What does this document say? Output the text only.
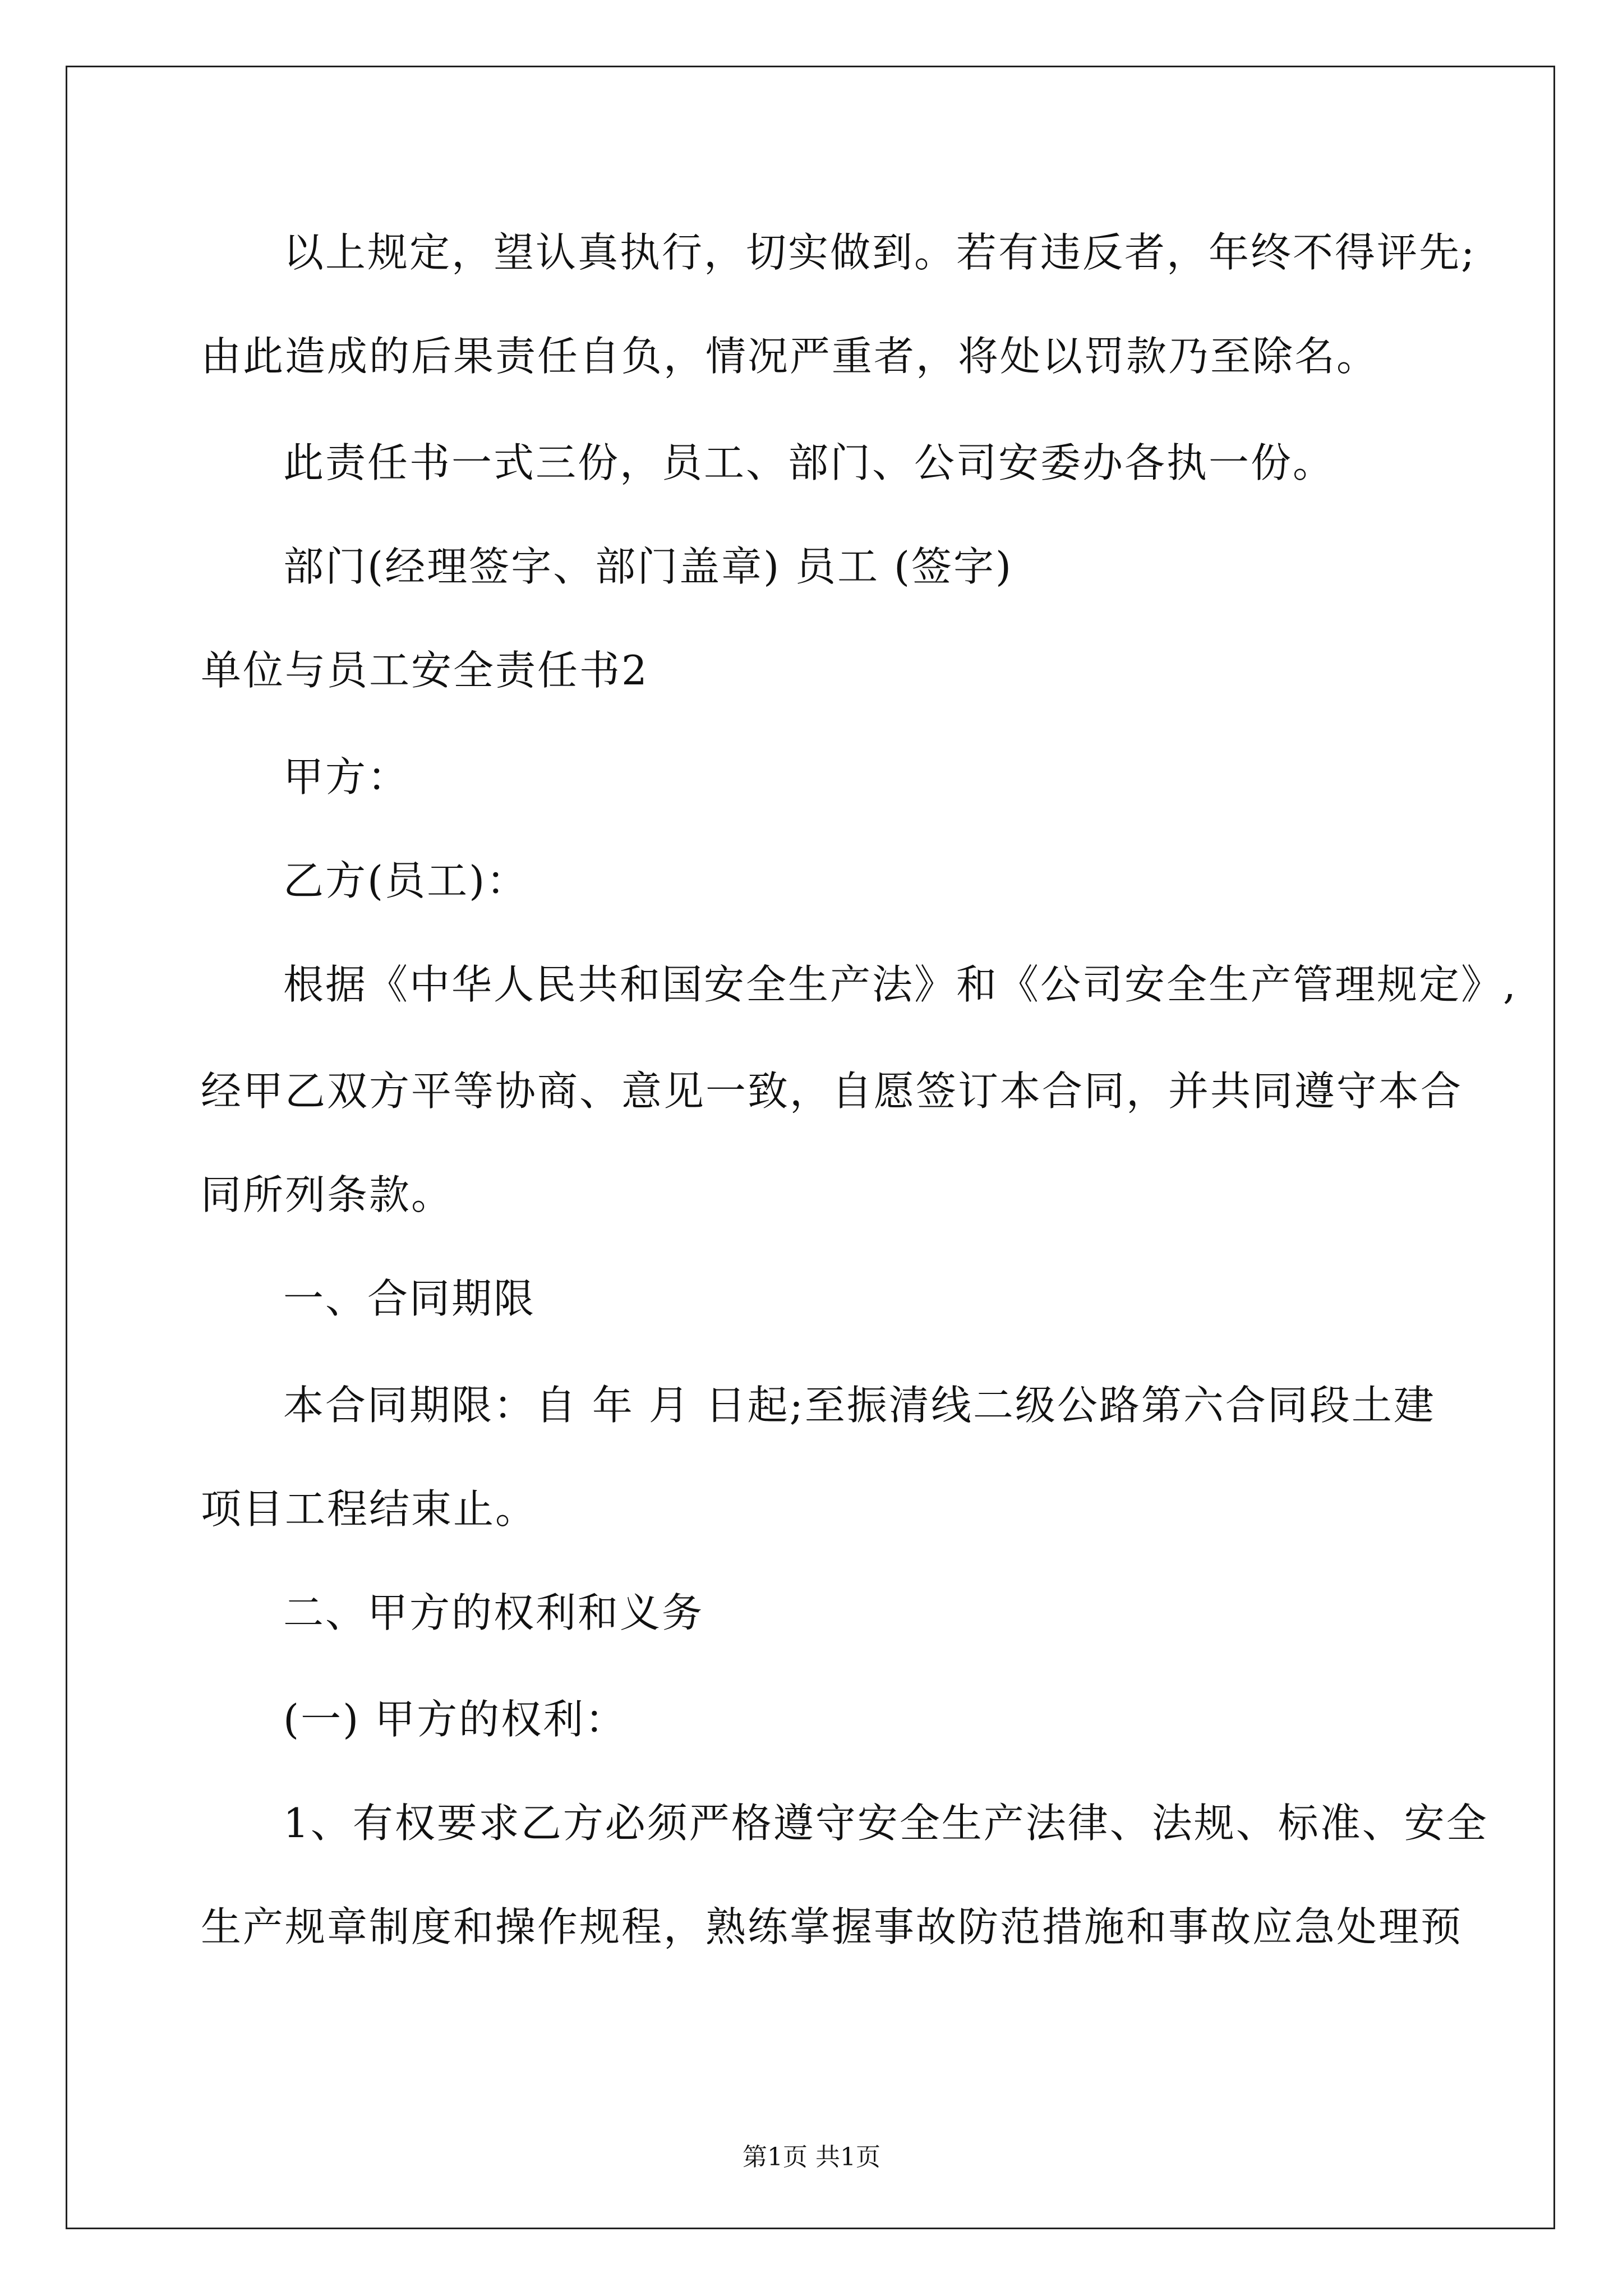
以上规定，望认真执行，切实做到。若有违反者，年终不得评先;
由此造成的后果责任自负，情况严重者，将处以罚款乃至除名。
此责任书一式三份，员工、部门、公司安委办各执一份。
部门(经理签字、部门盖章) 员工 (签字)
单位与员工安全责任书2
甲方：
乙方(员工)：
根据《中华人民共和国安全生产法》和《公司安全生产管理规定》,
经甲乙双方平等协商、意见一致，自愿签订本合同，并共同遵守本合
同所列条款。
一、合同期限
本合同期限：自 年 月 日起;至振清线二级公路第六合同段土建
项目工程结束止。
二、甲方的权利和义务
(一) 甲方的权利：
1、有权要求乙方必须严格遵守安全生产法律、法规、标准、安全
生产规章制度和操作规程，熟练掌握事故防范措施和事故应急处理预
第1页 共1页
